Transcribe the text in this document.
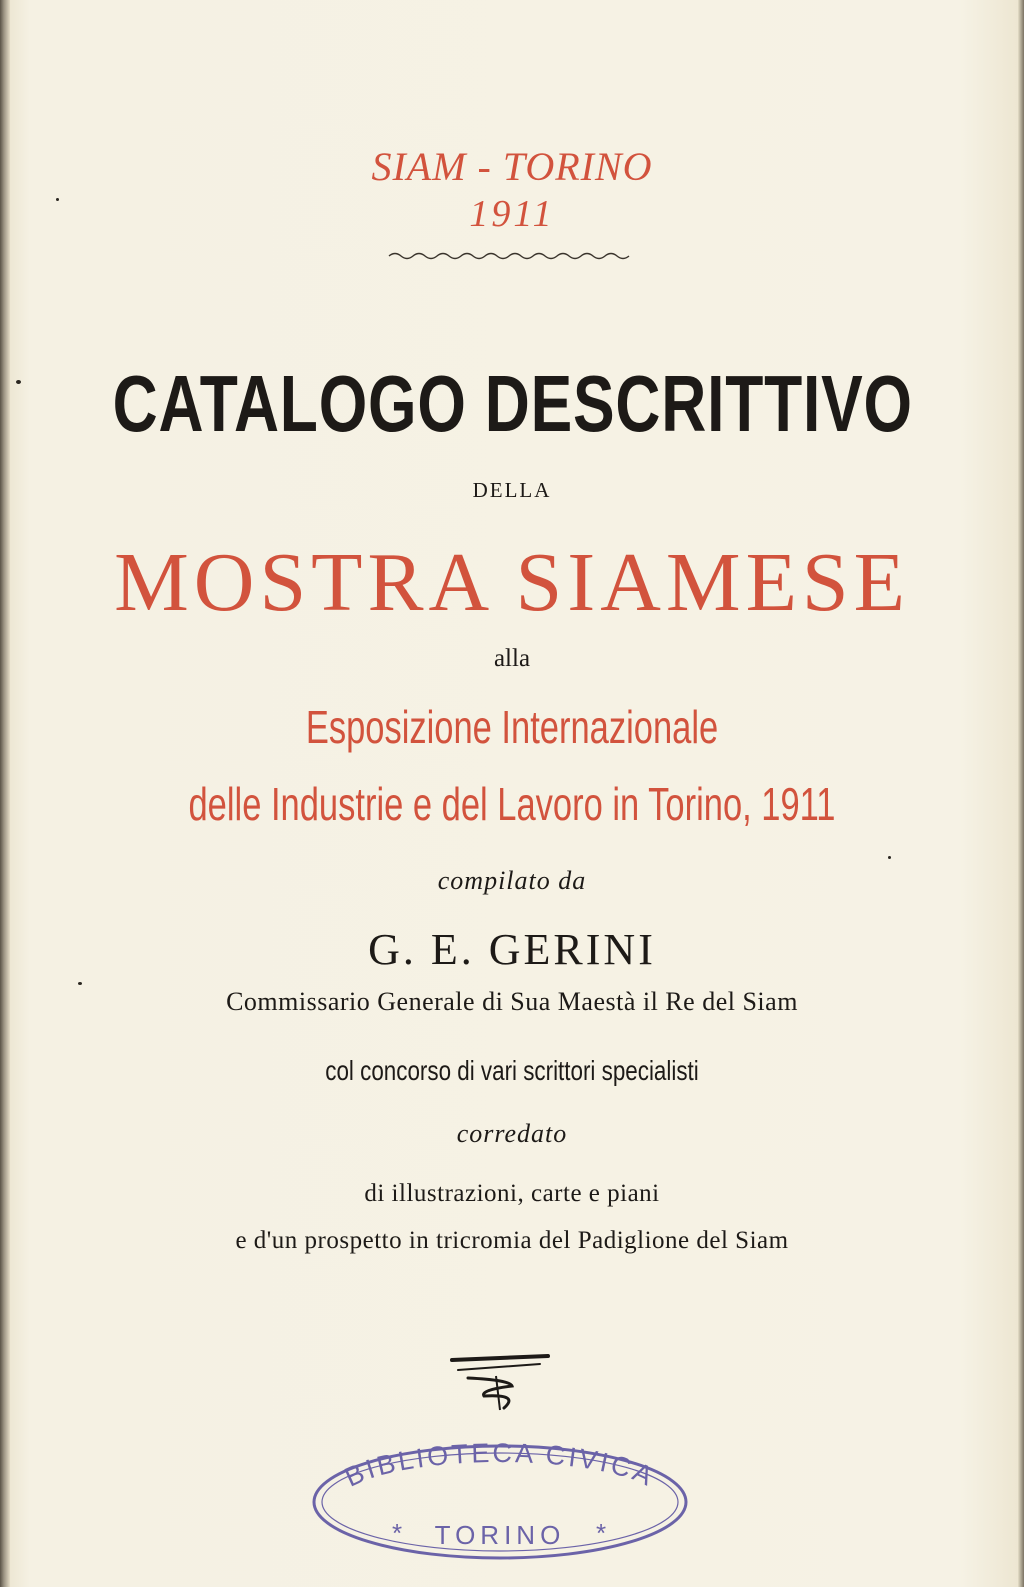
SIAM - TORINO
1911
CATALOGO DESCRITTIVO
DELLA
MOSTRA SIAMESE
alla
Esposizione Internazionale
delle Industrie e del Lavoro in Torino, 1911
compilato da
G. E. GERINI
Commissario Generale di Sua Maestà il Re del Siam
col concorso di vari scrittori specialisti
corredato
di illustrazioni, carte e piani
e d'un prospetto in tricromia del Padiglione del Siam
BIBLIOTECA CIVICA
* TORINO *
